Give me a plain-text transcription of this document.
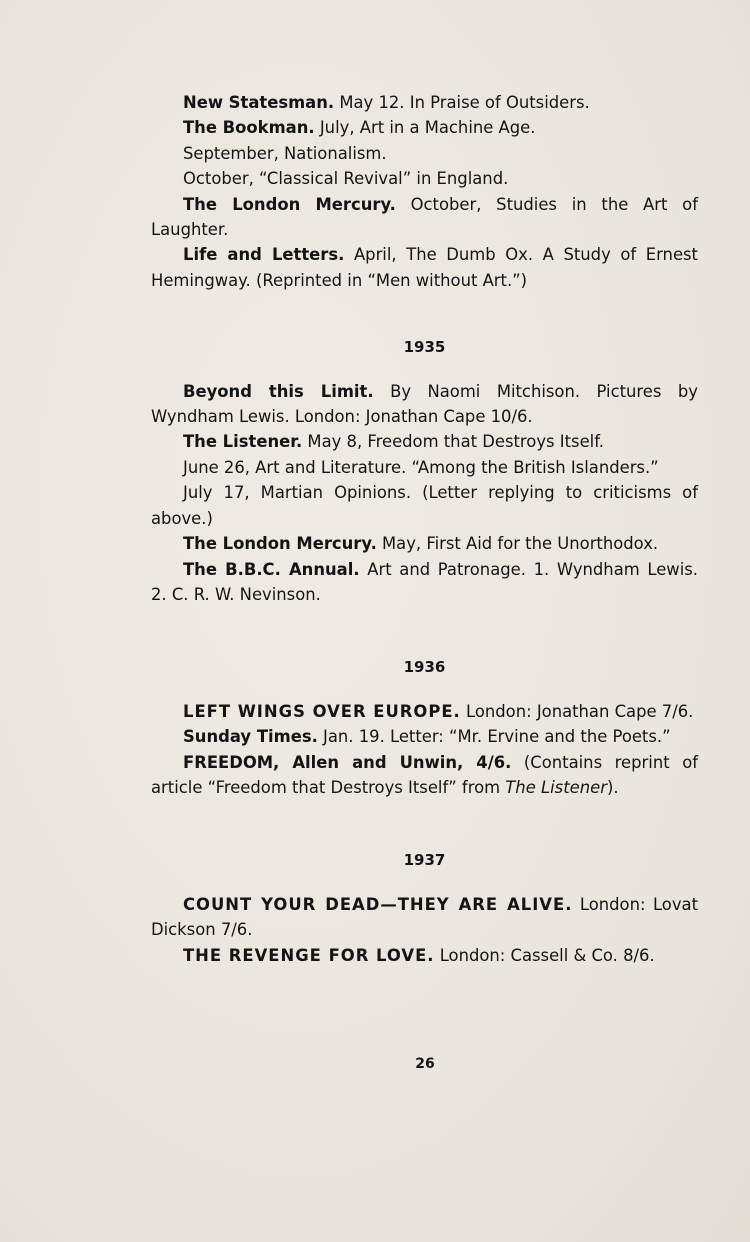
New Statesman. May 12. In Praise of Outsiders.

The Bookman. July, Art in a Machine Age.

September, Nationalism.

October, “Classical Revival” in England.

The London Mercury. October, Studies in the Art of Laughter.

Life and Letters. April, The Dumb Ox. A Study of Ernest Hemingway. (Reprinted in “Men without Art.”)

1935

Beyond this Limit. By Naomi Mitchison. Pictures by Wyndham Lewis. London: Jonathan Cape 10/6.

The Listener. May 8, Freedom that Destroys Itself.

June 26, Art and Literature. “Among the British Islanders.”

July 17, Martian Opinions. (Letter replying to criticisms of above.)

The London Mercury. May, First Aid for the Unorthodox.

The B.B.C. Annual. Art and Patronage. 1. Wyndham Lewis. 2. C. R. W. Nevinson.

1936

LEFT WINGS OVER EUROPE. London: Jonathan Cape 7/6.

Sunday Times. Jan. 19. Letter: “Mr. Ervine and the Poets.”

FREEDOM, Allen and Unwin, 4/6. (Contains reprint of article “Freedom that Destroys Itself” from The Listener).

1937

COUNT YOUR DEAD—THEY ARE ALIVE. London: Lovat Dickson 7/6.

THE REVENGE FOR LOVE. London: Cassell & Co. 8/6.

26
